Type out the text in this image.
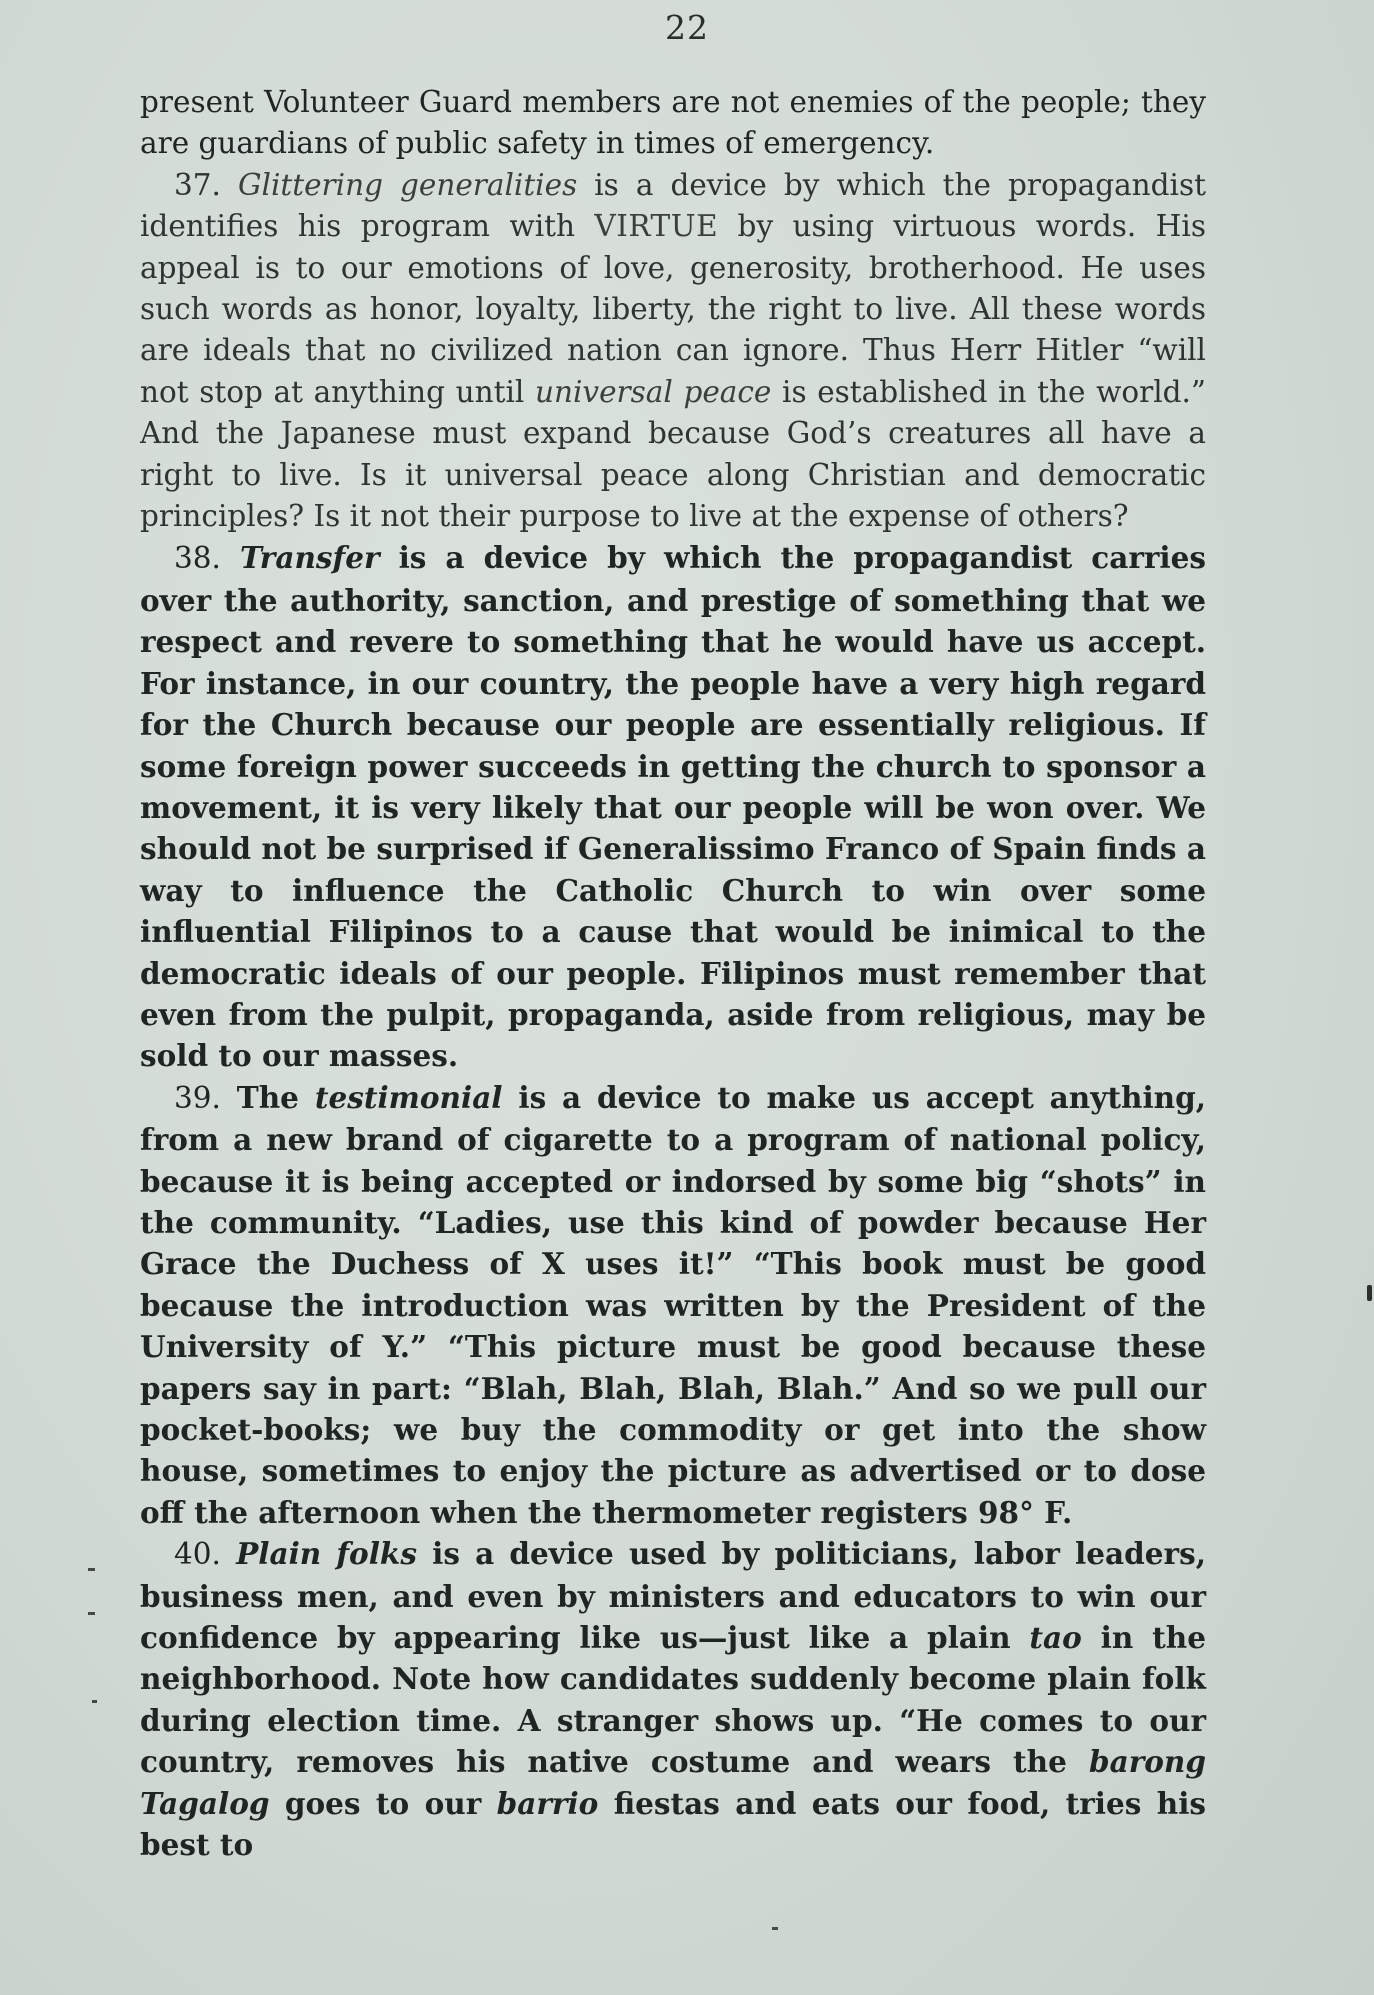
22

present Volunteer Guard members are not enemies of the people; they are guardians of public safety in times of emergency.

37. Glittering generalities is a device by which the propagandist identifies his program with VIRTUE by using virtuous words. His appeal is to our emotions of love, generosity, brotherhood. He uses such words as honor, loyalty, liberty, the right to live. All these words are ideals that no civilized nation can ignore. Thus Herr Hitler “will not stop at anything until universal peace is established in the world.” And the Japanese must expand because God’s creatures all have a right to live. Is it universal peace along Christian and democratic principles? Is it not their purpose to live at the expense of others?

38. Transfer is a device by which the propagandist carries over the authority, sanction, and prestige of something that we respect and revere to something that he would have us accept. For instance, in our country, the people have a very high regard for the Church because our people are essentially religious. If some foreign power succeeds in getting the church to sponsor a movement, it is very likely that our people will be won over. We should not be surprised if Generalissimo Franco of Spain finds a way to influence the Catholic Church to win over some influential Filipinos to a cause that would be inimical to the democratic ideals of our people. Filipinos must remember that even from the pulpit, propaganda, aside from religious, may be sold to our masses.

39. The testimonial is a device to make us accept anything, from a new brand of cigarette to a program of national policy, because it is being accepted or indorsed by some big “shots” in the community. “Ladies, use this kind of powder because Her Grace the Duchess of X uses it!” “This book must be good because the introduction was written by the President of the University of Y.” “This picture must be good because these papers say in part: “Blah, Blah, Blah, Blah.” And so we pull our pocket-books; we buy the commodity or get into the show house, sometimes to enjoy the picture as advertised or to dose off the afternoon when the thermometer registers 98° F.

40. Plain folks is a device used by politicians, labor leaders, business men, and even by ministers and educators to win our confidence by appearing like us—just like a plain tao in the neighborhood. Note how candidates suddenly become plain folk during election time. A stranger shows up. “He comes to our country, removes his native costume and wears the barong Tagalog goes to our barrio fiestas and eats our food, tries his best to
